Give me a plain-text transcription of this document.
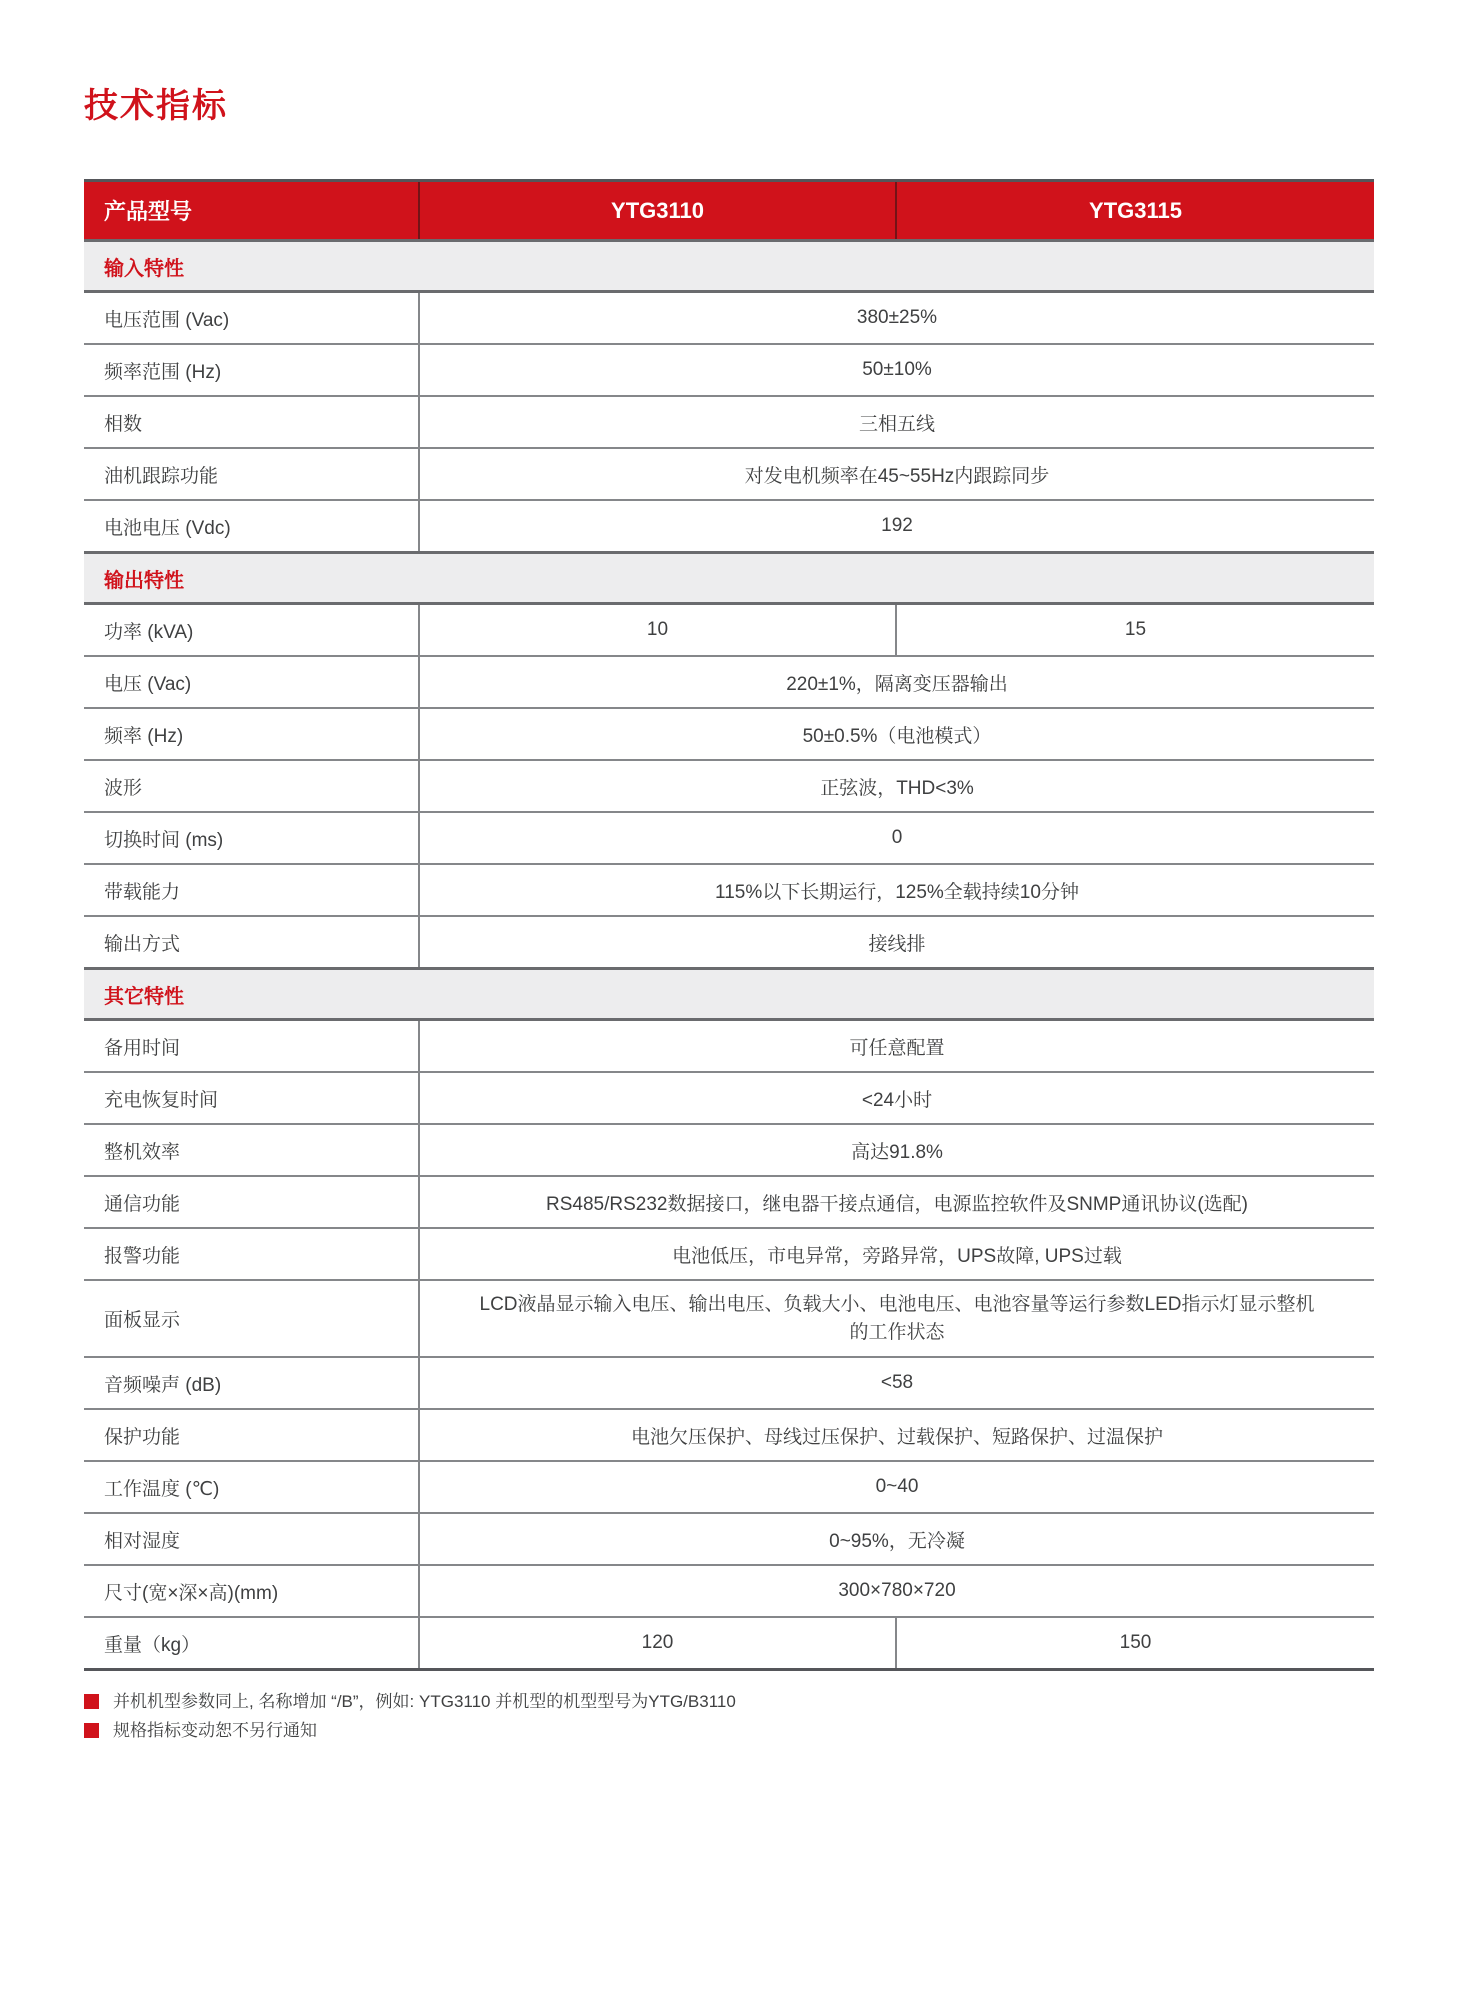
技术指标
产品型号	YTG3110	YTG3115
输入特性		
电压范围 (Vac)	380±25%	
频率范围 (Hz)	50±10%	
相数	三相五线	
油机跟踪功能	对发电机频率在45~55Hz内跟踪同步	
电池电压 (Vdc)	192	
输出特性		
功率 (kVA)	10	15
电压 (Vac)	220±1%，隔离变压器输出	
频率 (Hz)	50±0.5%（电池模式）	
波形	正弦波，THD<3%	
切换时间 (ms)	0	
带载能力	115%以下长期运行，125%全载持续10分钟	
输出方式	接线排	
其它特性		
备用时间	可任意配置	
充电恢复时间	<24小时	
整机效率	高达91.8%	
通信功能	RS485/RS232数据接口，继电器干接点通信，电源监控软件及SNMP通讯协议(选配)	
报警功能	电池低压，市电异常，旁路异常，UPS故障, UPS过载	
面板显示	LCD液晶显示输入电压、输出电压、负载大小、电池电压、电池容量等运行参数LED指示灯显示整机的工作状态	
音频噪声 (dB)	<58	
保护功能	电池欠压保护、母线过压保护、过载保护、短路保护、过温保护	
工作温度 (℃)	0~40	
相对湿度	0~95%，无冷凝	
尺寸(宽×深×高)(mm)	300×780×720	
重量（kg）	120	150
并机机型参数同上, 名称增加 “/B”，例如: YTG3110 并机型的机型型号为YTG/B3110
规格指标变动恕不另行通知
